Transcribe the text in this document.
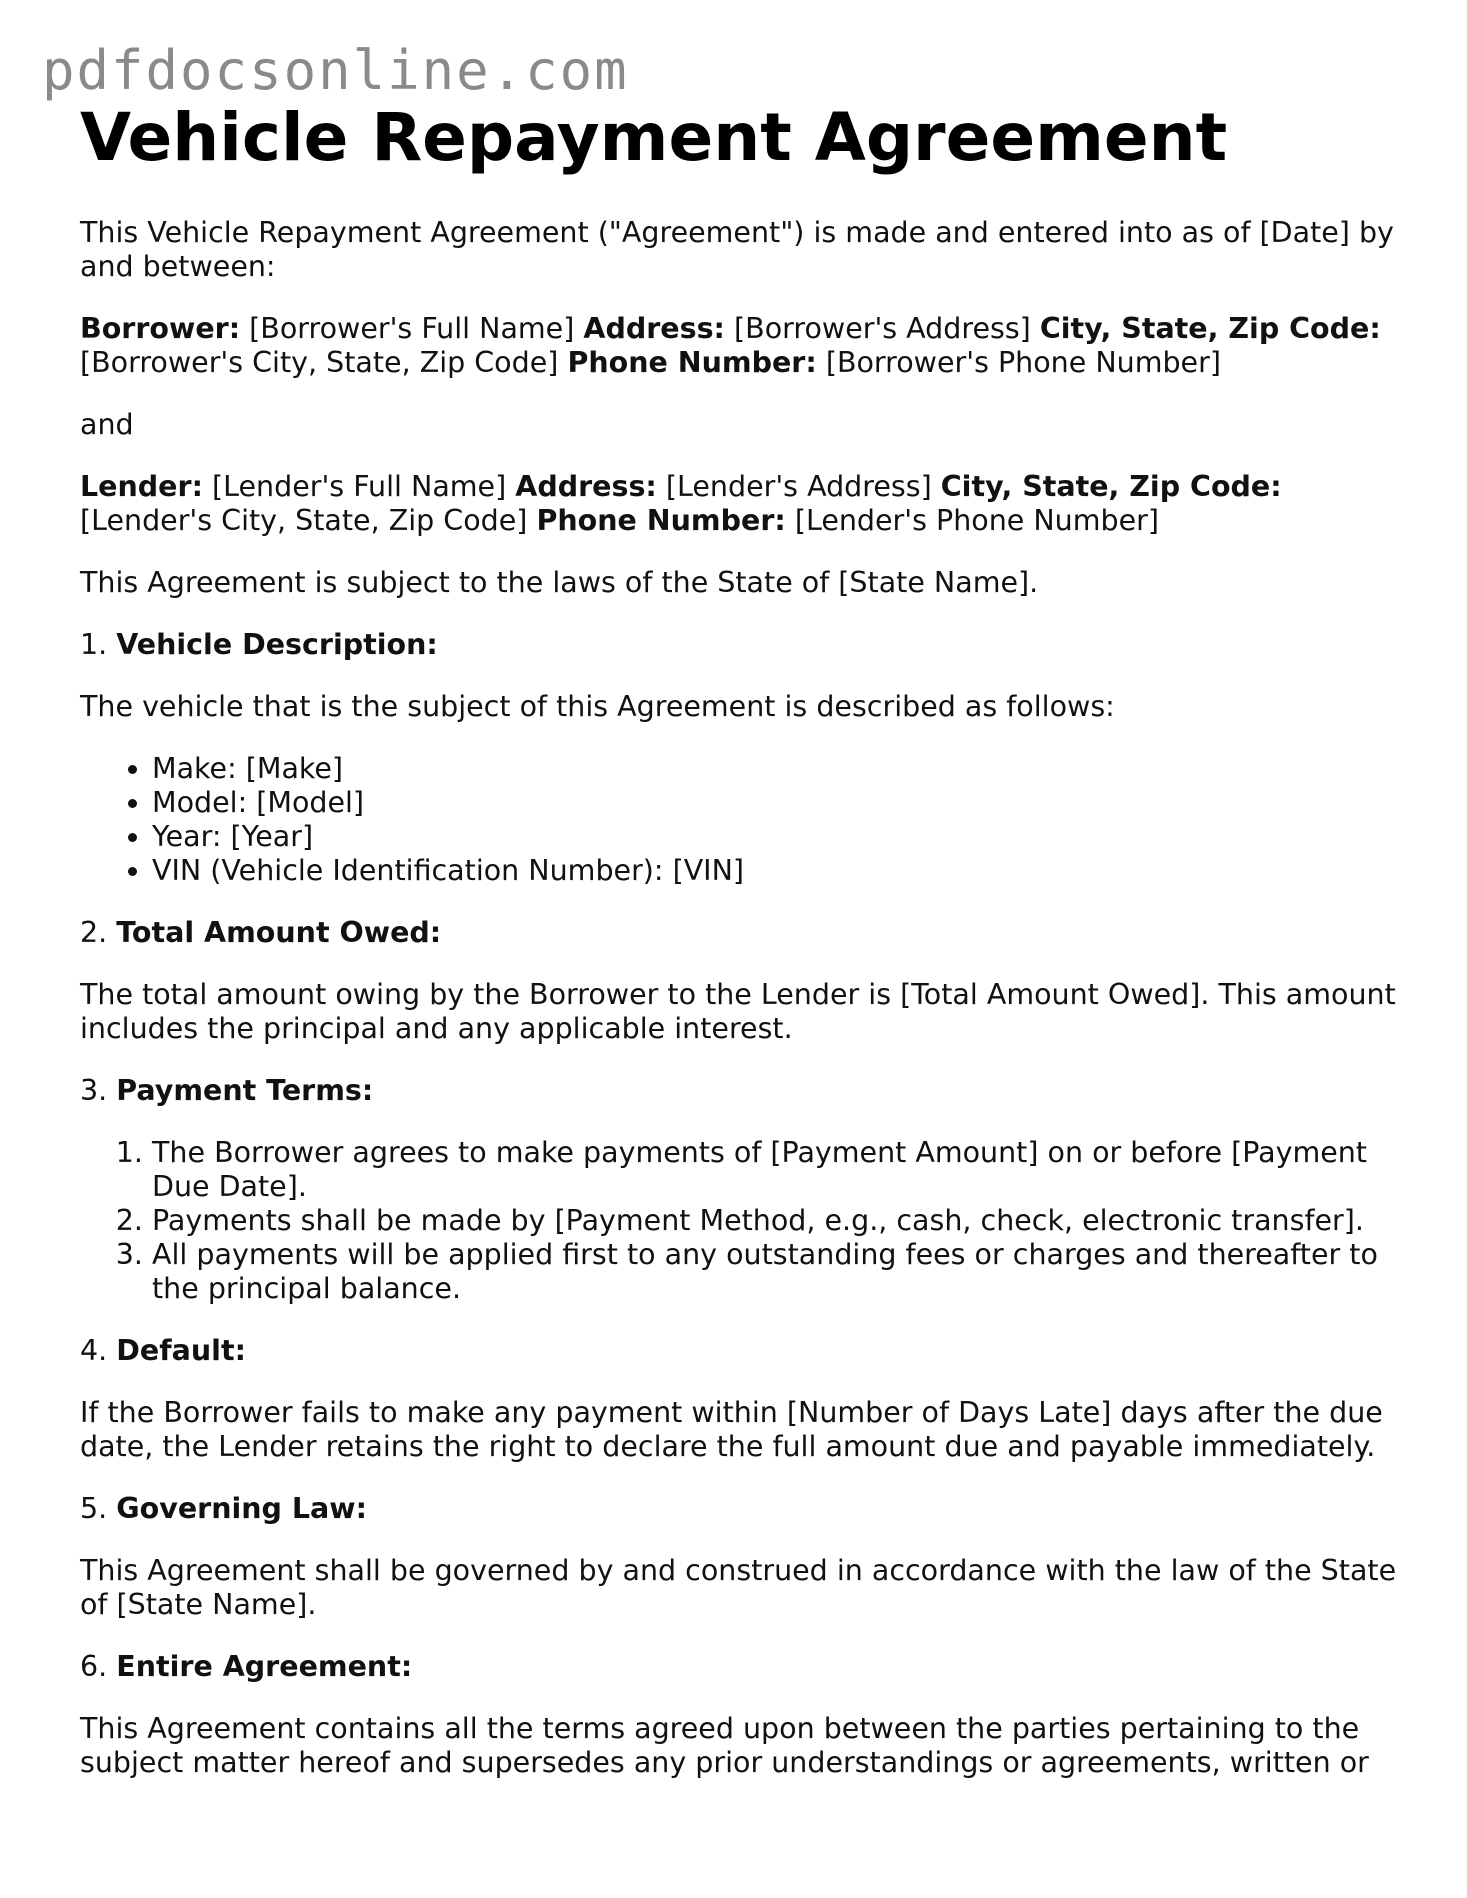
pdfdocsonline.com
Vehicle Repayment Agreement

This Vehicle Repayment Agreement ("Agreement") is made and entered into as of [Date] by and between:

Borrower: [Borrower's Full Name] Address: [Borrower's Address] City, State, Zip Code: [Borrower's City, State, Zip Code] Phone Number: [Borrower's Phone Number]

and

Lender: [Lender's Full Name] Address: [Lender's Address] City, State, Zip Code: [Lender's City, State, Zip Code] Phone Number: [Lender's Phone Number]

This Agreement is subject to the laws of the State of [State Name].

1. Vehicle Description:

The vehicle that is the subject of this Agreement is described as follows:

• Make: [Make]
• Model: [Model]
• Year: [Year]
• VIN (Vehicle Identification Number): [VIN]

2. Total Amount Owed:

The total amount owing by the Borrower to the Lender is [Total Amount Owed]. This amount includes the principal and any applicable interest.

3. Payment Terms:

1. The Borrower agrees to make payments of [Payment Amount] on or before [Payment Due Date].
2. Payments shall be made by [Payment Method, e.g., cash, check, electronic transfer].
3. All payments will be applied first to any outstanding fees or charges and thereafter to the principal balance.

4. Default:

If the Borrower fails to make any payment within [Number of Days Late] days after the due date, the Lender retains the right to declare the full amount due and payable immediately.

5. Governing Law:

This Agreement shall be governed by and construed in accordance with the law of the State of [State Name].

6. Entire Agreement:

This Agreement contains all the terms agreed upon between the parties pertaining to the subject matter hereof and supersedes any prior understandings or agreements, written or
